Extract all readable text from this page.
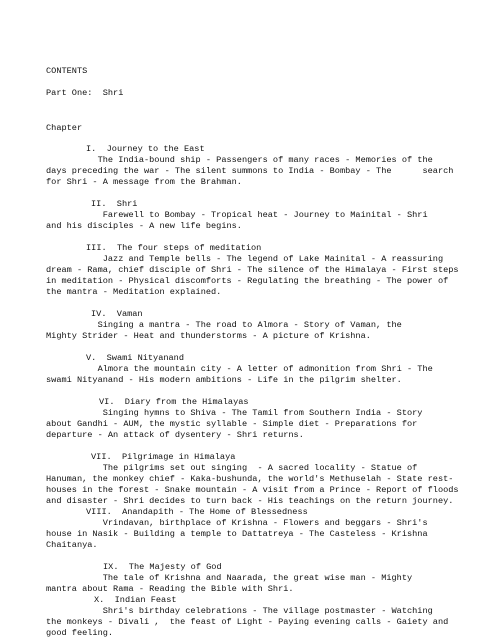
CONTENTS
Part One:  Shri
Chapter
I.  Journey to the East
The India-bound ship - Passengers of many races - Memories of the
days preceding the war - The silent summons to India - Bombay - The      search
for Shri - A message from the Brahman.
II.  Shri
Farewell to Bombay - Tropical heat - Journey to Mainital - Shri
and his disciples - A new life begins.
III.  The four steps of meditation
Jazz and Temple bells - The legend of Lake Mainital - A reassuring
dream - Rama, chief disciple of Shri - The silence of the Himalaya - First steps
in meditation - Physical discomforts - Regulating the breathing - The power of
the mantra - Meditation explained.
IV.  Vaman
Singing a mantra - The road to Almora - Story of Vaman, the
Mighty Strider - Heat and thunderstorms - A picture of Krishna.
V.  Swami Nityanand
Almora the mountain city - A letter of admonition from Shri - The
swami Nityanand - His modern ambitions - Life in the pilgrim shelter.
VI.  Diary from the Himalayas
Singing hymns to Shiva - The Tamil from Southern India - Story
about Gandhi - AUM, the mystic syllable - Simple diet - Preparations for
departure - An attack of dysentery - Shri returns.
VII.  Pilgrimage in Himalaya
The pilgrims set out singing  - A sacred locality - Statue of
Hanuman, the monkey chief - Kaka-bushunda, the world's Methuselah - State rest-
houses in the forest - Snake mountain - A visit from a Prince - Report of floods
and disaster - Shri decides to turn back - His teachings on the return journey.
VIII.  Anandapith - The Home of Blessedness
Vrindavan, birthplace of Krishna - Flowers and beggars - Shri's
house in Nasik - Building a temple to Dattatreya - The Casteless - Krishna
Chaitanya.
IX.  The Majesty of God
The tale of Krishna and Naarada, the great wise man - Mighty
mantra about Rama - Reading the Bible with Shri.
X.  Indian Feast
Shri's birthday celebrations - The village postmaster - Watching
the monkeys - Divali ,  the feast of Light - Paying evening calls - Gaiety and
good feeling.
